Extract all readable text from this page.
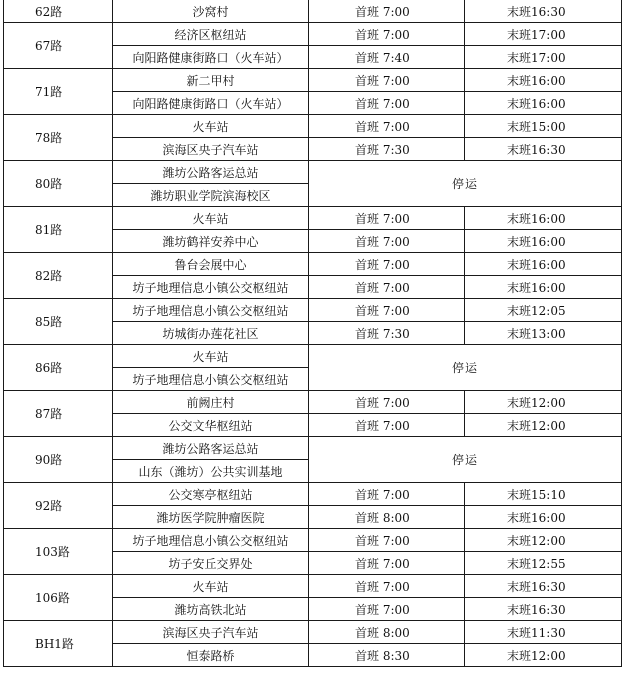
62路	沙窝村	首班 7:00	末班16:30
67路	经济区枢纽站	首班 7:00	末班17:00
	向阳路健康街路口（火车站）	首班 7:40	末班17:00
71路	新二甲村	首班 7:00	末班16:00
	向阳路健康街路口（火车站）	首班 7:00	末班16:00
78路	火车站	首班 7:00	末班15:00
	滨海区央子汽车站	首班 7:30	末班16:30
80路	潍坊公路客运总站	停运	
	潍坊职业学院滨海校区		
81路	火车站	首班 7:00	末班16:00
	潍坊鹤祥安养中心	首班 7:00	末班16:00
82路	鲁台会展中心	首班 7:00	末班16:00
	坊子地理信息小镇公交枢纽站	首班 7:00	末班16:00
85路	坊子地理信息小镇公交枢纽站	首班 7:00	末班12:05
	坊城街办莲花社区	首班 7:30	末班13:00
86路	火车站	停运	
	坊子地理信息小镇公交枢纽站		
87路	前阙庄村	首班 7:00	末班12:00
	公交文华枢纽站	首班 7:00	末班12:00
90路	潍坊公路客运总站	停运	
	山东（潍坊）公共实训基地		
92路	公交寒亭枢纽站	首班 7:00	末班15:10
	潍坊医学院肿瘤医院	首班 8:00	末班16:00
103路	坊子地理信息小镇公交枢纽站	首班 7:00	末班12:00
	坊子安丘交界处	首班 7:00	末班12:55
106路	火车站	首班 7:00	末班16:30
	潍坊高铁北站	首班 7:00	末班16:30
BH1路	滨海区央子汽车站	首班 8:00	末班11:30
	恒泰路桥	首班 8:30	末班12:00
